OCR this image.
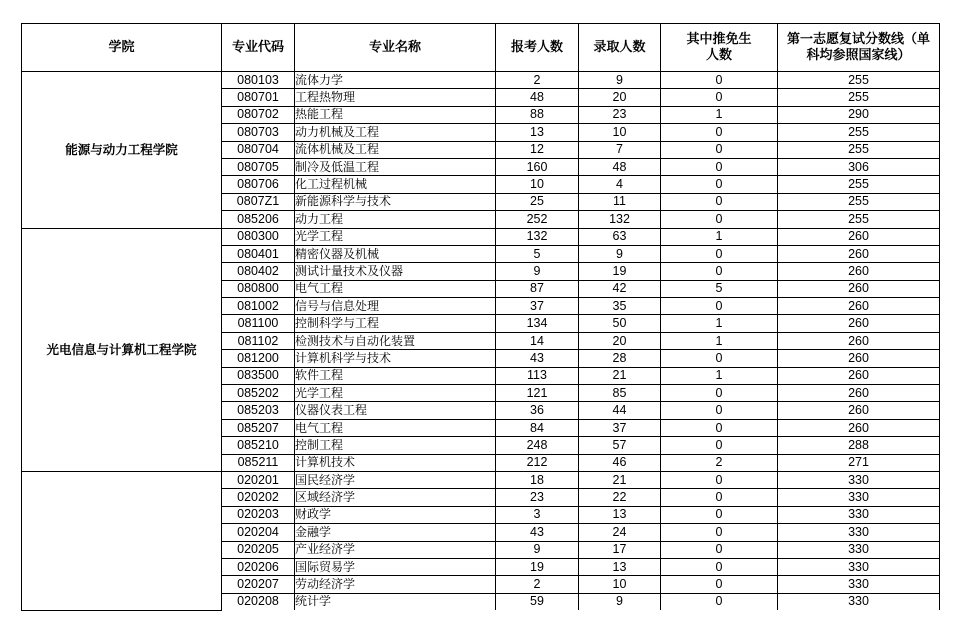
学院	专业代码	专业名称	报考人数	录取人数	其中推免生人数	第一志愿复试分数线（单科均参照国家线）
能源与动力工程学院	080103	流体力学	2	9	0	255
	080701	工程热物理	48	20	0	255
	080702	热能工程	88	23	1	290
	080703	动力机械及工程	13	10	0	255
	080704	流体机械及工程	12	7	0	255
	080705	制冷及低温工程	160	48	0	306
	080706	化工过程机械	10	4	0	255
	0807Z1	新能源科学与技术	25	11	0	255
	085206	动力工程	252	132	0	255
光电信息与计算机工程学院	080300	光学工程	132	63	1	260
	080401	精密仪器及机械	5	9	0	260
	080402	测试计量技术及仪器	9	19	0	260
	080800	电气工程	87	42	5	260
	081002	信号与信息处理	37	35	0	260
	081100	控制科学与工程	134	50	1	260
	081102	检测技术与自动化装置	14	20	1	260
	081200	计算机科学与技术	43	28	0	260
	083500	软件工程	113	21	1	260
	085202	光学工程	121	85	0	260
	085203	仪器仪表工程	36	44	0	260
	085207	电气工程	84	37	0	260
	085210	控制工程	248	57	0	288
	085211	计算机技术	212	46	2	271
	020201	国民经济学	18	21	0	330
	020202	区域经济学	23	22	0	330
	020203	财政学	3	13	0	330
	020204	金融学	43	24	0	330
	020205	产业经济学	9	17	0	330
	020206	国际贸易学	19	13	0	330
	020207	劳动经济学	2	10	0	330
	020208	统计学	59	9	0	330
